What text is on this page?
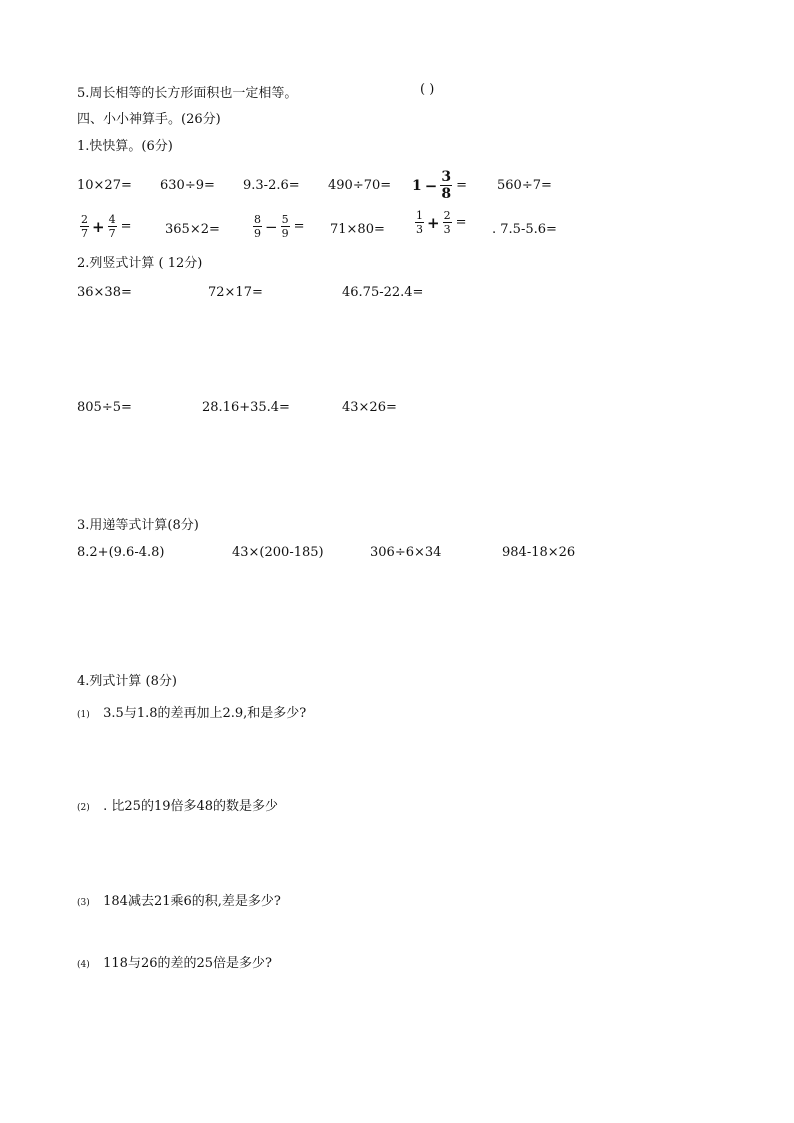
5.周长相等的长方形面积也一定相等。	( )
四、小小神算手。(26分)
1.快快算。(6分)
$10\times 27= 630\div 9= 9.3-2.6= 490\div 70= 1 - \frac{3}{8} = 560\div 7=$
$\frac{2}{7} + \frac{4}{7}$ =	365×2=	$\frac{8}{9} - \frac{5}{9} = 71\times 80=$	$\frac{1}{3} + \frac{2}{3}$ = . 7.5-5.6=
2.列竖式计算 ( 12分)
36×38=	72×17=	46.75-22.4=
805÷5=	28.16+35.4=	43×26=
3.用递等式计算(8分)
8.2+(9.6-4.8)	43×(200-185)	306÷6×34	984-18×26
4.列式计算 (8分)
(1) 3.5与1.8的差再加上2.9,和是多少?
(2) . 比25的19倍多48的数是多少
(3) 184减去21乘6的积,差是多少?
(4) 118与26的差的25倍是多少?
